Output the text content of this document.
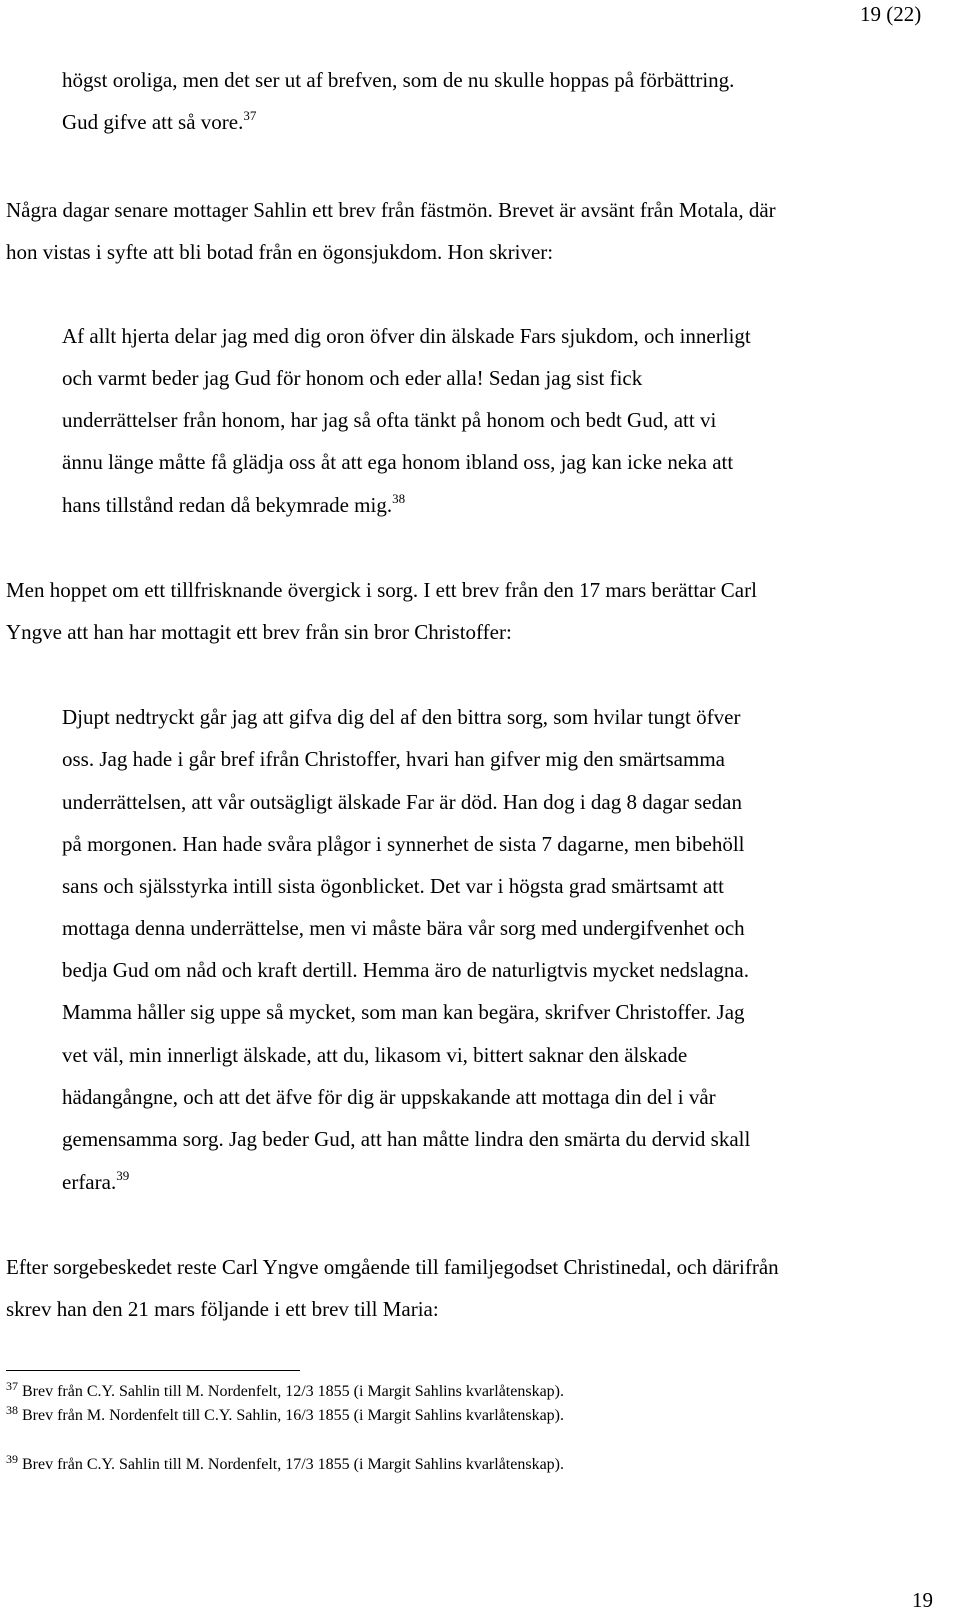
19 (22)
högst oroliga, men det ser ut af brefven, som de nu skulle hoppas på förbättring.
Gud gifve att så vore.$^{37}$
Några dagar senare mottager Sahlin ett brev från fästmön. Brevet är avsänt från Motala, där
hon vistas i syfte att bli botad från en ögonsjukdom. Hon skriver:
Af allt hjerta delar jag med dig oron öfver din älskade Fars sjukdom, och innerligt
och varmt beder jag Gud för honom och eder alla! Sedan jag sist fick
underrättelser från honom, har jag så ofta tänkt på honom och bedt Gud, att vi
ännu länge måtte få glädja oss åt att ega honom ibland oss, jag kan icke neka att
hans tillstånd redan då bekymrade mig.$^{38}$
Men hoppet om ett tillfrisknande övergick i sorg. I ett brev från den 17 mars berättar Carl
Yngve att han har mottagit ett brev från sin bror Christoffer:
Djupt nedtryckt går jag att gifva dig del af den bittra sorg, som hvilar tungt öfver
oss. Jag hade i går bref ifrån Christoffer, hvari han gifver mig den smärtsamma
underrättelsen, att vår outsägligt älskade Far är död. Han dog i dag 8 dagar sedan
på morgonen. Han hade svåra plågor i synnerhet de sista 7 dagarne, men bibehöll
sans och själsstyrka intill sista ögonblicket. Det var i högsta grad smärtsamt att
mottaga denna underrättelse, men vi måste bära vår sorg med undergifvenhet och
bedja Gud om nåd och kraft dertill. Hemma äro de naturligtvis mycket nedslagna.
Mamma håller sig uppe så mycket, som man kan begära, skrifver Christoffer. Jag
vet väl, min innerligt älskade, att du, likasom vi, bittert saknar den älskade
hädangångne, och att det äfve för dig är uppskakande att mottaga din del i vår
gemensamma sorg. Jag beder Gud, att han måtte lindra den smärta du dervid skall
erfara.$^{39}$
Efter sorgebeskedet reste Carl Yngve omgående till familjegodset Christinedal, och därifrån
skrev han den 21 mars följande i ett brev till Maria:
$^{37}$ Brev från C.Y. Sahlin till M. Nordenfelt, 12/3 1855 (i Margit Sahlins kvarlåtenskap).
$^{38}$ Brev från M. Nordenfelt till C.Y. Sahlin, 16/3 1855 (i Margit Sahlins kvarlåtenskap).
$^{39}$ Brev från C.Y. Sahlin till M. Nordenfelt, 17/3 1855 (i Margit Sahlins kvarlåtenskap).
19
